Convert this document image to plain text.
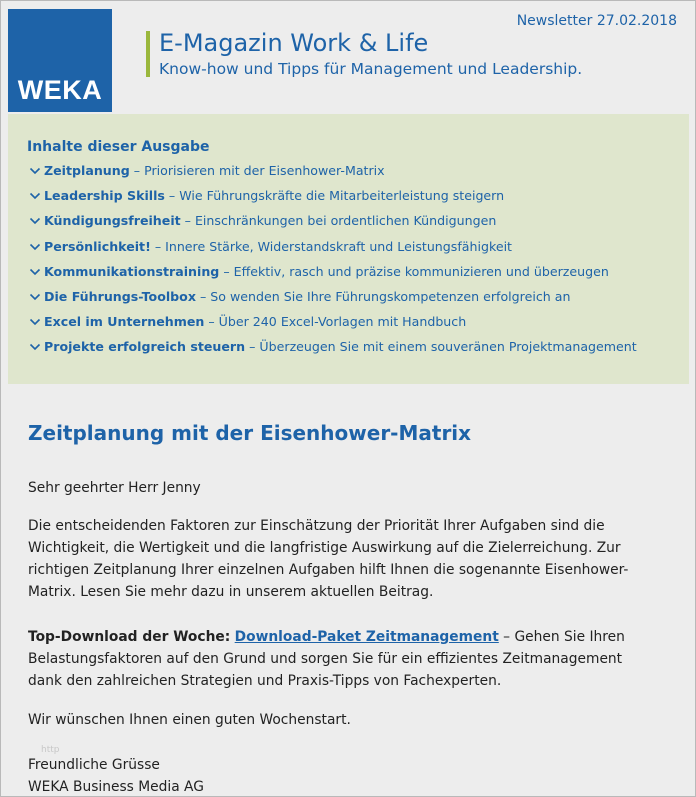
WEKA
E-Magazin Work & Life
Know-how und Tipps für Management und Leadership.
Newsletter 27.02.2018
Inhalte dieser Ausgabe
Zeitplanung – Priorisieren mit der Eisenhower-Matrix
Leadership Skills – Wie Führungskräfte die Mitarbeiterleistung steigern
Kündigungsfreiheit – Einschränkungen bei ordentlichen Kündigungen
Persönlichkeit! – Innere Stärke, Widerstandskraft und Leistungsfähigkeit
Kommunikationstraining – Effektiv, rasch und präzise kommunizieren und überzeugen
Die Führungs-Toolbox – So wenden Sie Ihre Führungskompetenzen erfolgreich an
Excel im Unternehmen – Über 240 Excel-Vorlagen mit Handbuch
Projekte erfolgreich steuern – Überzeugen Sie mit einem souveränen Projektmanagement
Zeitplanung mit der Eisenhower-Matrix
Sehr geehrter Herr Jenny
Die entscheidenden Faktoren zur Einschätzung der Priorität Ihrer Aufgaben sind die Wichtigkeit, die Wertigkeit und die langfristige Auswirkung auf die Zielerreichung. Zur richtigen Zeitplanung Ihrer einzelnen Aufgaben hilft Ihnen die sogenannte Eisenhower-Matrix. Lesen Sie mehr dazu in unserem aktuellen Beitrag.
Top-Download der Woche: Download-Paket Zeitmanagement – Gehen Sie Ihren Belastungsfaktoren auf den Grund und sorgen Sie für ein effizientes Zeitmanagement dank den zahlreichen Strategien und Praxis-Tipps von Fachexperten.
Wir wünschen Ihnen einen guten Wochenstart.
http
Freundliche Grüsse
WEKA Business Media AG
